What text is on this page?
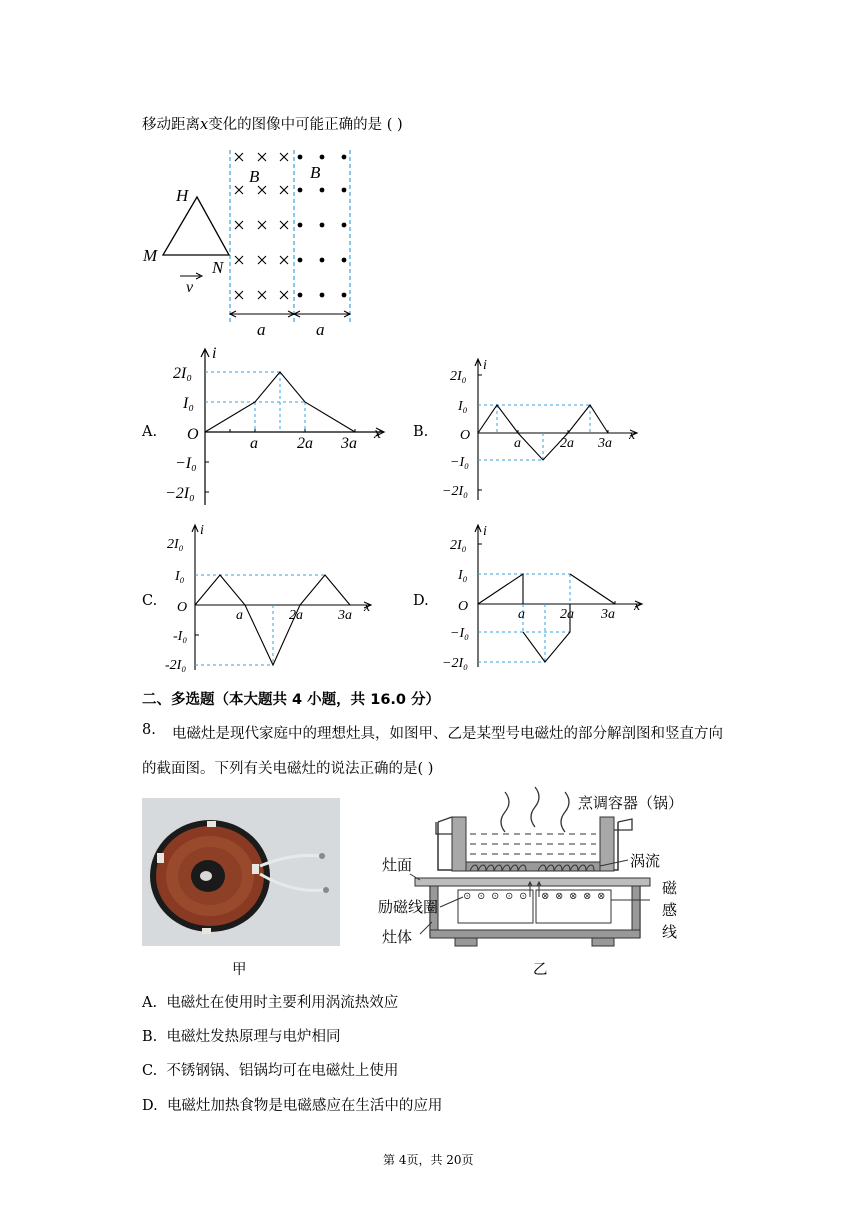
移动距离x变化的图像中可能正确的是 ( )
B	B
H
M
N
v
a	a
A.	B.
C.	D.
i
x
O
2I₀
I₀
−I₀
−2I₀
a 2a 3a
i
x
O
2I₀
I₀
−I₀
−2I₀
a	2a 3a
i
x
O
2I₀
I₀
-I₀
-2I₀
a	2a	3a
i
x
O
2I₀
I₀
−I₀
−2I₀
a	2a 3a
二、多选题（本大题共 4 小题，共 16.0 分）
8. 电磁灶是现代家庭中的理想灶具，如图甲、乙是某型号电磁灶的部分解剖图和竖直方向
的截面图。下列有关电磁灶的说法正确的是( )
甲
烹调容器（锅）
涡流
灶面
⊙ ⊙ ⊙ ⊙ ⊙ ⊗ ⊗ ⊗ ⊗ ⊗
励磁线圈
灶体
磁
感
线
乙
A. 电磁灶在使用时主要利用涡流热效应
B. 电磁灶发热原理与电炉相同
C. 不锈钢锅、铝锅均可在电磁灶上使用
D. 电磁灶加热食物是电磁感应在生活中的应用
第 4页，共 20页
